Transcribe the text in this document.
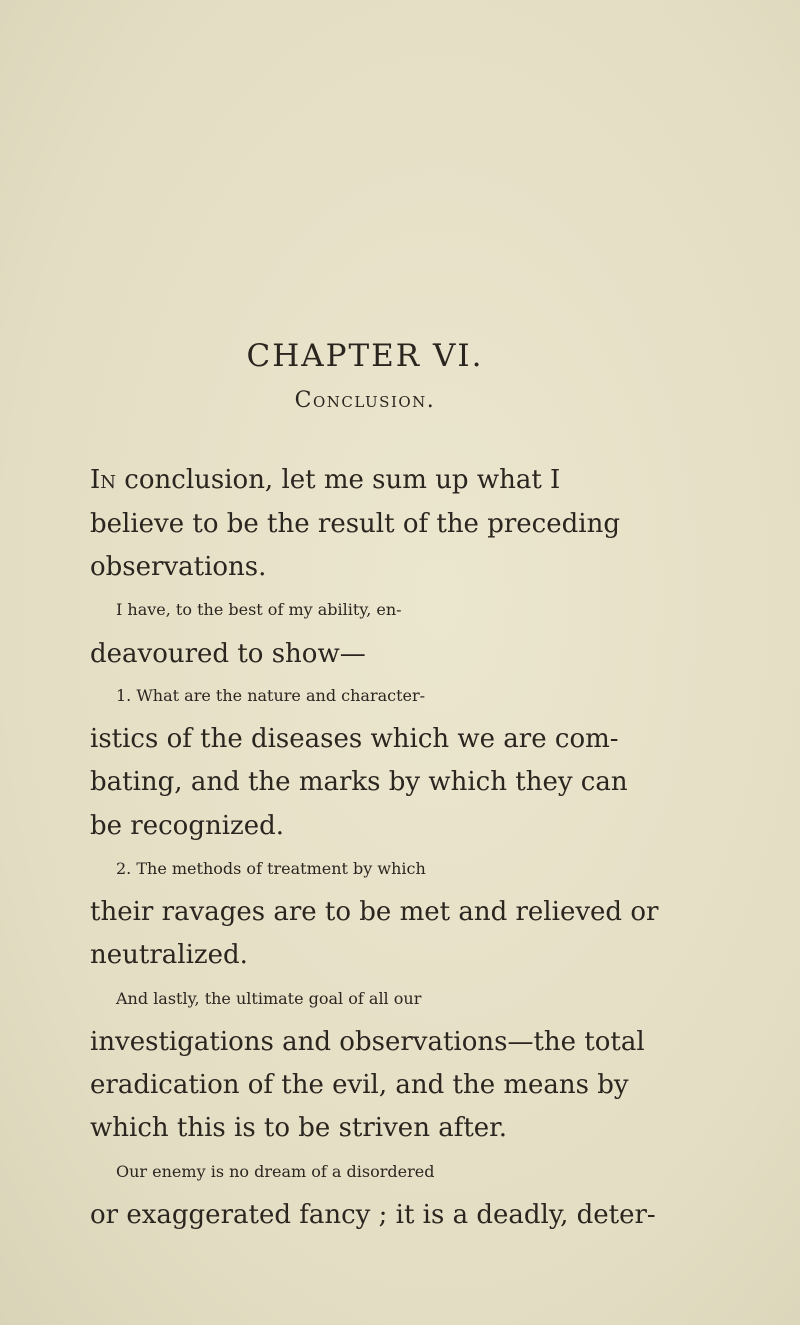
CHAPTER VI.
Conclusion.
In conclusion, let me sum up what I
believe to be the result of the preceding
observations.
I have, to the best of my ability, en-
deavoured to show—
1. What are the nature and character-
istics of the diseases which we are com-
bating, and the marks by which they can
be recognized.
2. The methods of treatment by which
their ravages are to be met and relieved or
neutralized.
And lastly, the ultimate goal of all our
investigations and observations—the total
eradication of the evil, and the means by
which this is to be striven after.
Our enemy is no dream of a disordered
or exaggerated fancy ; it is a deadly, deter-
